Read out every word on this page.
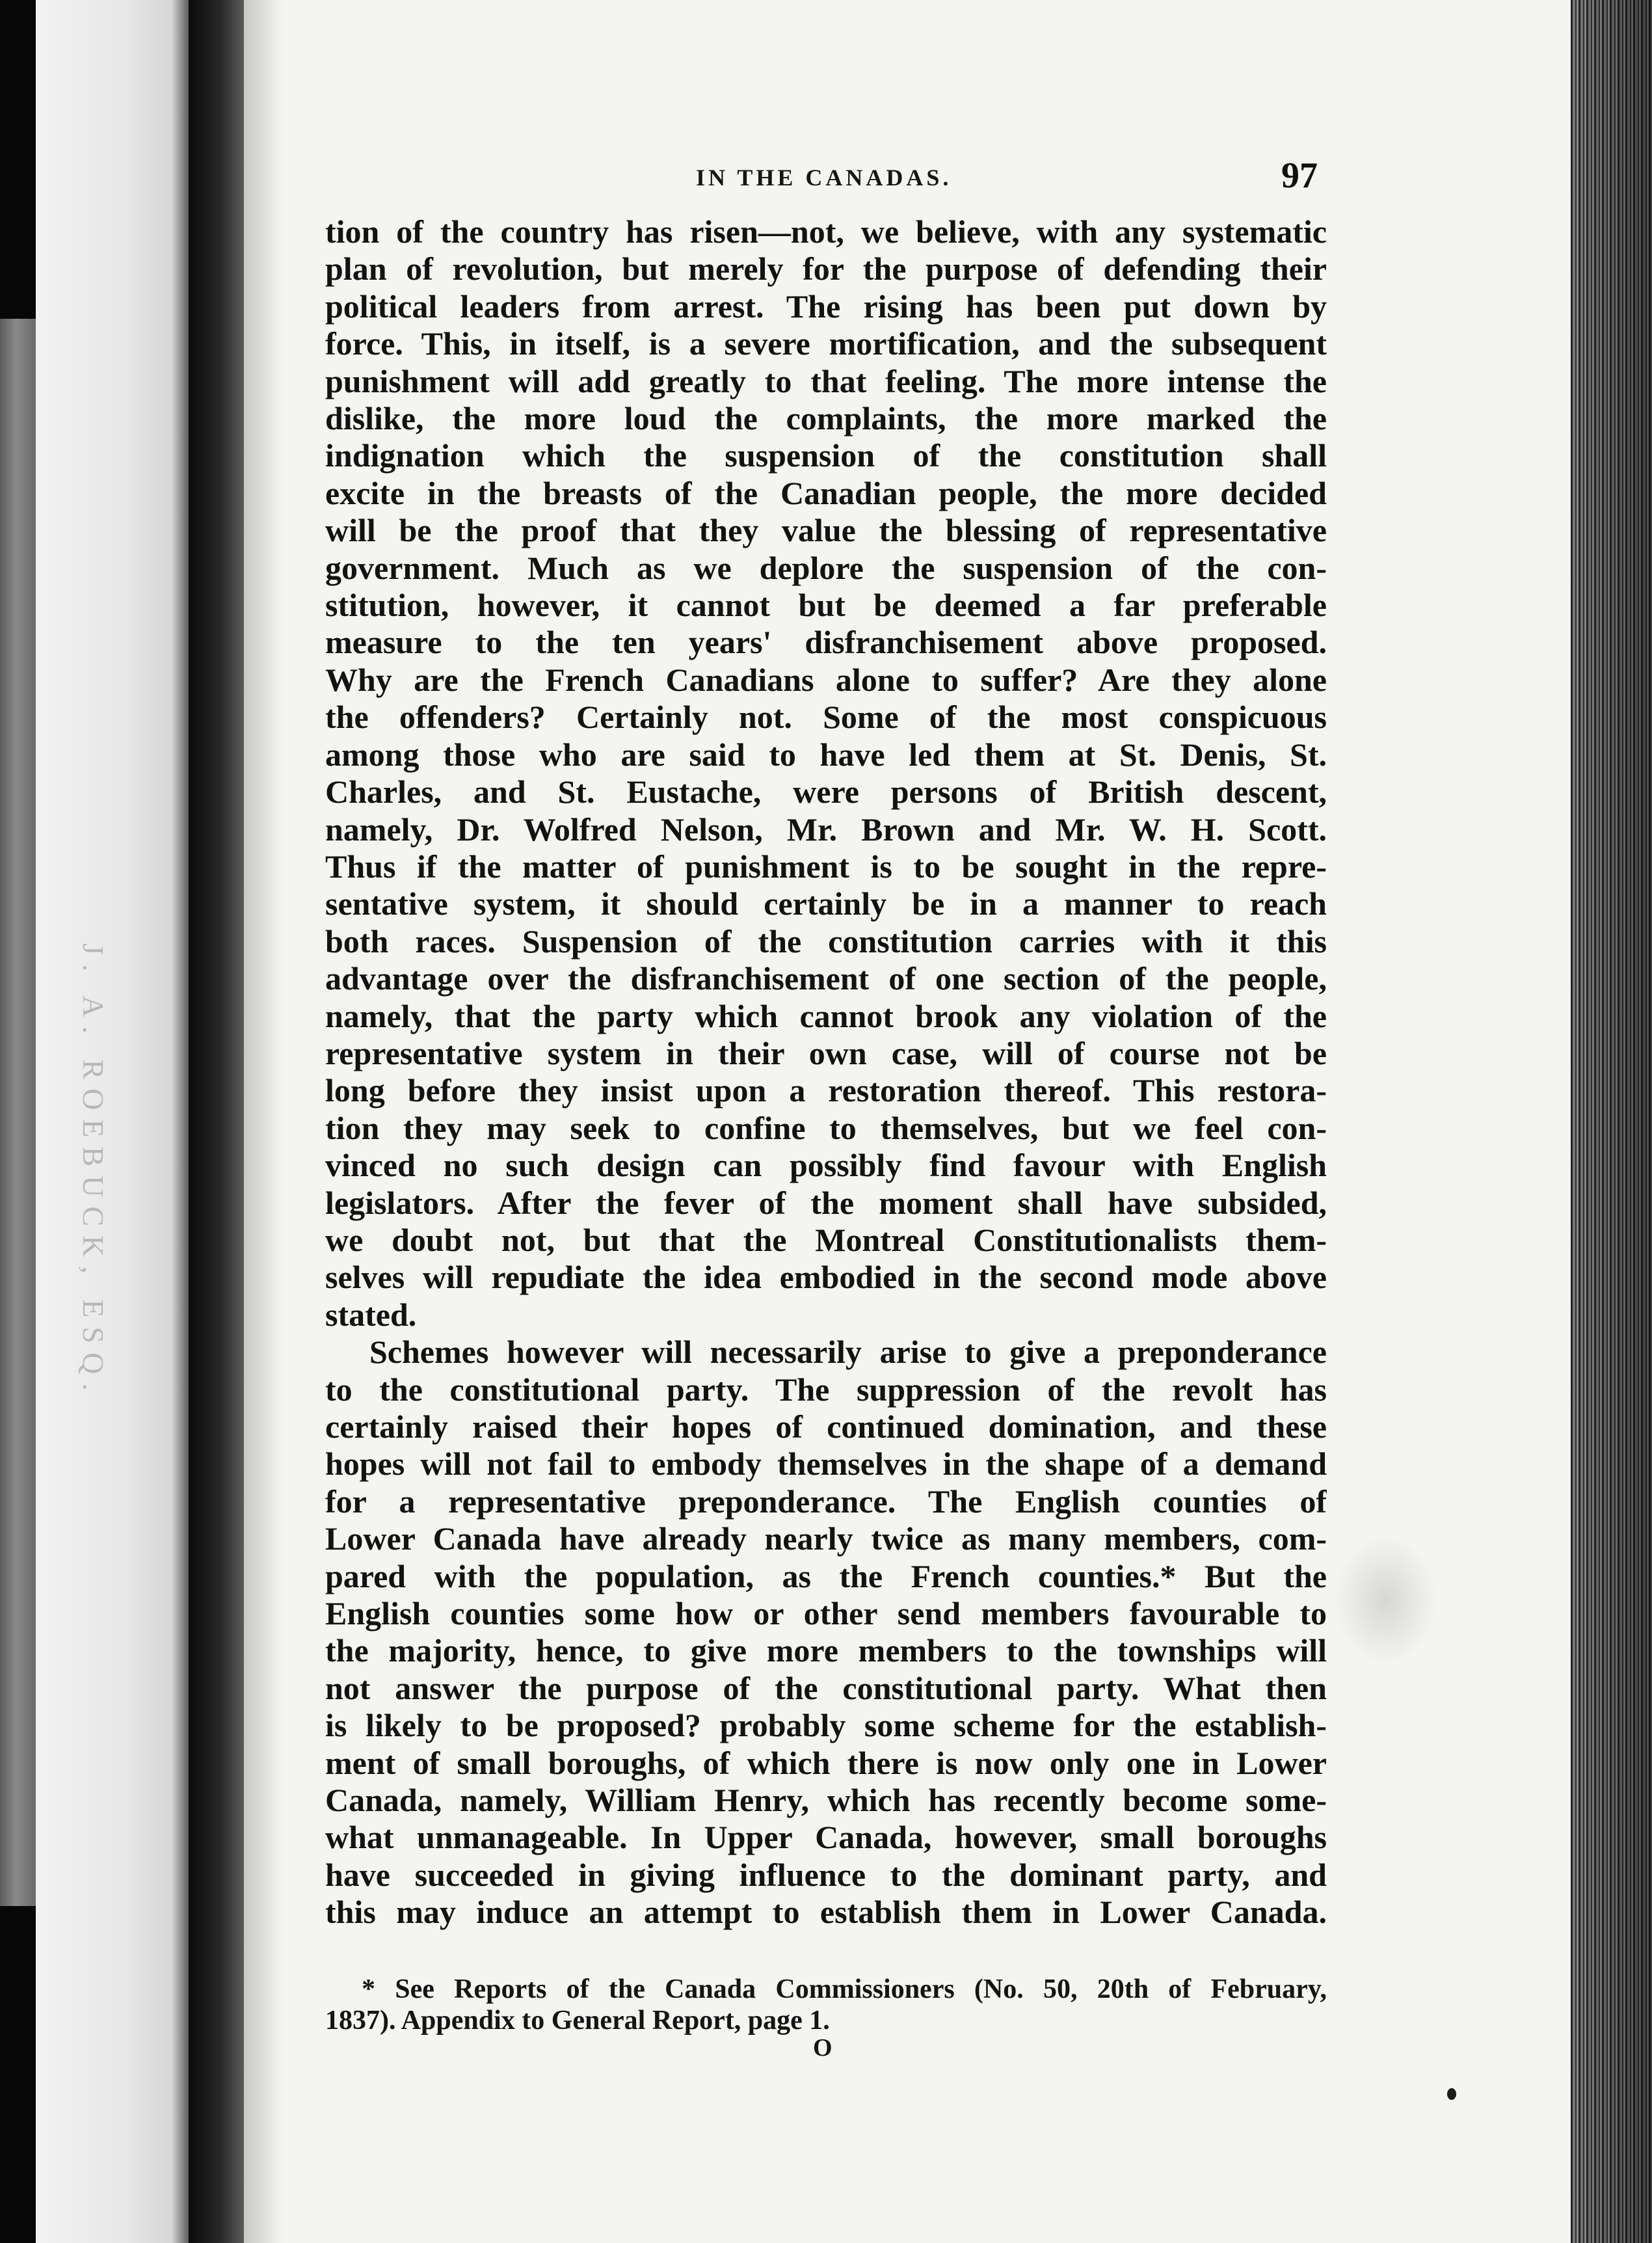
J. A. ROEBUCK, ESQ.
IN THE CANADAS.	97
tion of the country has risen—not, we believe, with any systematic
plan of revolution, but merely for the purpose of defending their
political leaders from arrest. The rising has been put down by
force. This, in itself, is a severe mortification, and the subsequent
punishment will add greatly to that feeling. The more intense the
dislike, the more loud the complaints, the more marked the
indignation which the suspension of the constitution shall
excite in the breasts of the Canadian people, the more decided
will be the proof that they value the blessing of representative
government. Much as we deplore the suspension of the con-
stitution, however, it cannot but be deemed a far preferable
measure to the ten years' disfranchisement above proposed.
Why are the French Canadians alone to suffer? Are they alone
the offenders? Certainly not. Some of the most conspicuous
among those who are said to have led them at St. Denis, St.
Charles, and St. Eustache, were persons of British descent,
namely, Dr. Wolfred Nelson, Mr. Brown and Mr. W. H. Scott.
Thus if the matter of punishment is to be sought in the repre-
sentative system, it should certainly be in a manner to reach
both races. Suspension of the constitution carries with it this
advantage over the disfranchisement of one section of the people,
namely, that the party which cannot brook any violation of the
representative system in their own case, will of course not be
long before they insist upon a restoration thereof. This restora-
tion they may seek to confine to themselves, but we feel con-
vinced no such design can possibly find favour with English
legislators. After the fever of the moment shall have subsided,
we doubt not, but that the Montreal Constitutionalists them-
selves will repudiate the idea embodied in the second mode above
stated.
Schemes however will necessarily arise to give a preponderance
to the constitutional party. The suppression of the revolt has
certainly raised their hopes of continued domination, and these
hopes will not fail to embody themselves in the shape of a demand
for a representative preponderance. The English counties of
Lower Canada have already nearly twice as many members, com-
pared with the population, as the French counties.* But the
English counties some how or other send members favourable to
the majority, hence, to give more members to the townships will
not answer the purpose of the constitutional party. What then
is likely to be proposed? probably some scheme for the establish-
ment of small boroughs, of which there is now only one in Lower
Canada, namely, William Henry, which has recently become some-
what unmanageable. In Upper Canada, however, small boroughs
have succeeded in giving influence to the dominant party, and
this may induce an attempt to establish them in Lower Canada.
* See Reports of the Canada Commissioners (No. 50, 20th of February,
1837). Appendix to General Report, page 1.
O
